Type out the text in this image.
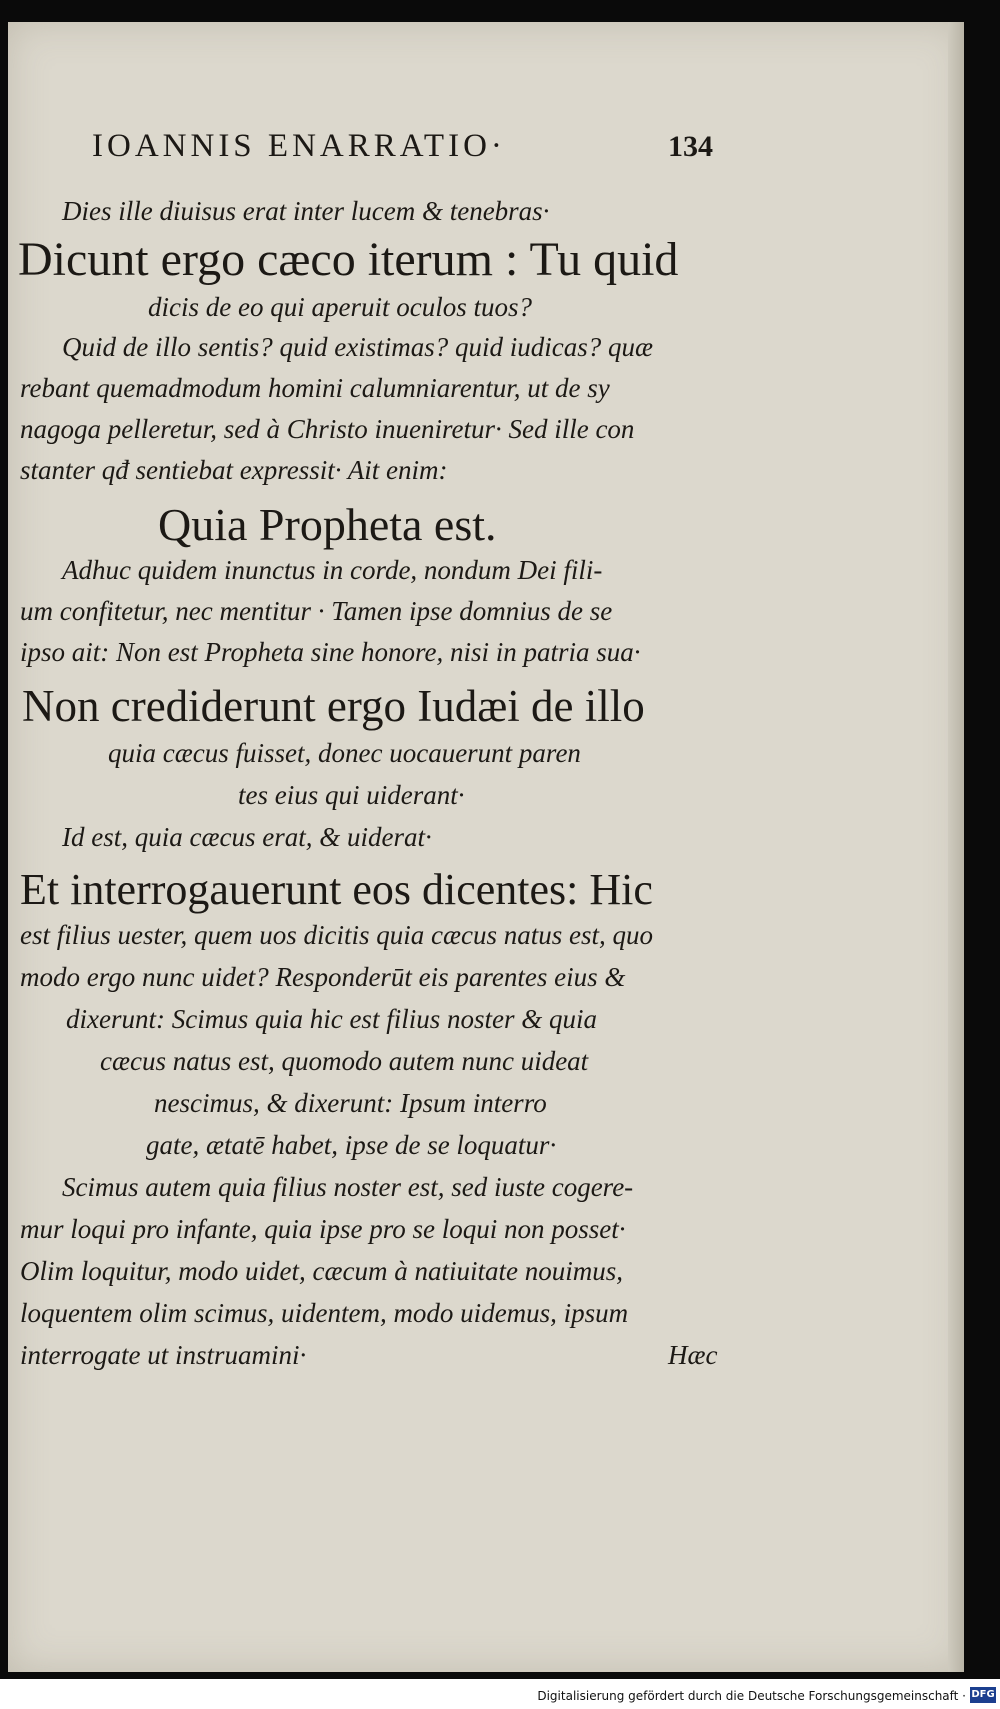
IOANNIS ENARRATIO·	134
Dies ille diuisus erat inter lucem & tenebras·
Dicunt ergo cæco iterum : Tu quid
dicis de eo qui aperuit oculos tuos?
Quid de illo sentis? quid existimas? quid iudicas? quæ
rebant quemadmodum homini calumniarentur, ut de sy
nagoga pelleretur, sed à Christo inueniretur· Sed ille con
stanter qđ sentiebat expressit· Ait enim:
Quia Propheta est.
Adhuc quidem inunctus in corde, nondum Dei fili-
um confitetur, nec mentitur · Tamen ipse domnius de se
ipso ait: Non est Propheta sine honore, nisi in patria sua·
Non crediderunt ergo Iudæi de illo
quia cæcus fuisset, donec uocauerunt paren
tes eius qui uiderant·
Id est, quia cæcus erat, & uiderat·
Et interrogauerunt eos dicentes: Hic
est filius uester, quem uos dicitis quia cæcus natus est, quo
modo ergo nunc uidet? Responderūt eis parentes eius &
dixerunt: Scimus quia hic est filius noster & quia
cæcus natus est, quomodo autem nunc uideat
nescimus, & dixerunt: Ipsum interro
gate, ætatē habet, ipse de se loquatur·
Scimus autem quia filius noster est, sed iuste cogere-
mur loqui pro infante, quia ipse pro se loqui non posset·
Olim loquitur, modo uidet, cæcum à natiuitate nouimus,
loquentem olim scimus, uidentem, modo uidemus, ipsum
interrogate ut instruamini·	Hæc
Digitalisierung gefördert durch die Deutsche Forschungsgemeinschaft · DFG
